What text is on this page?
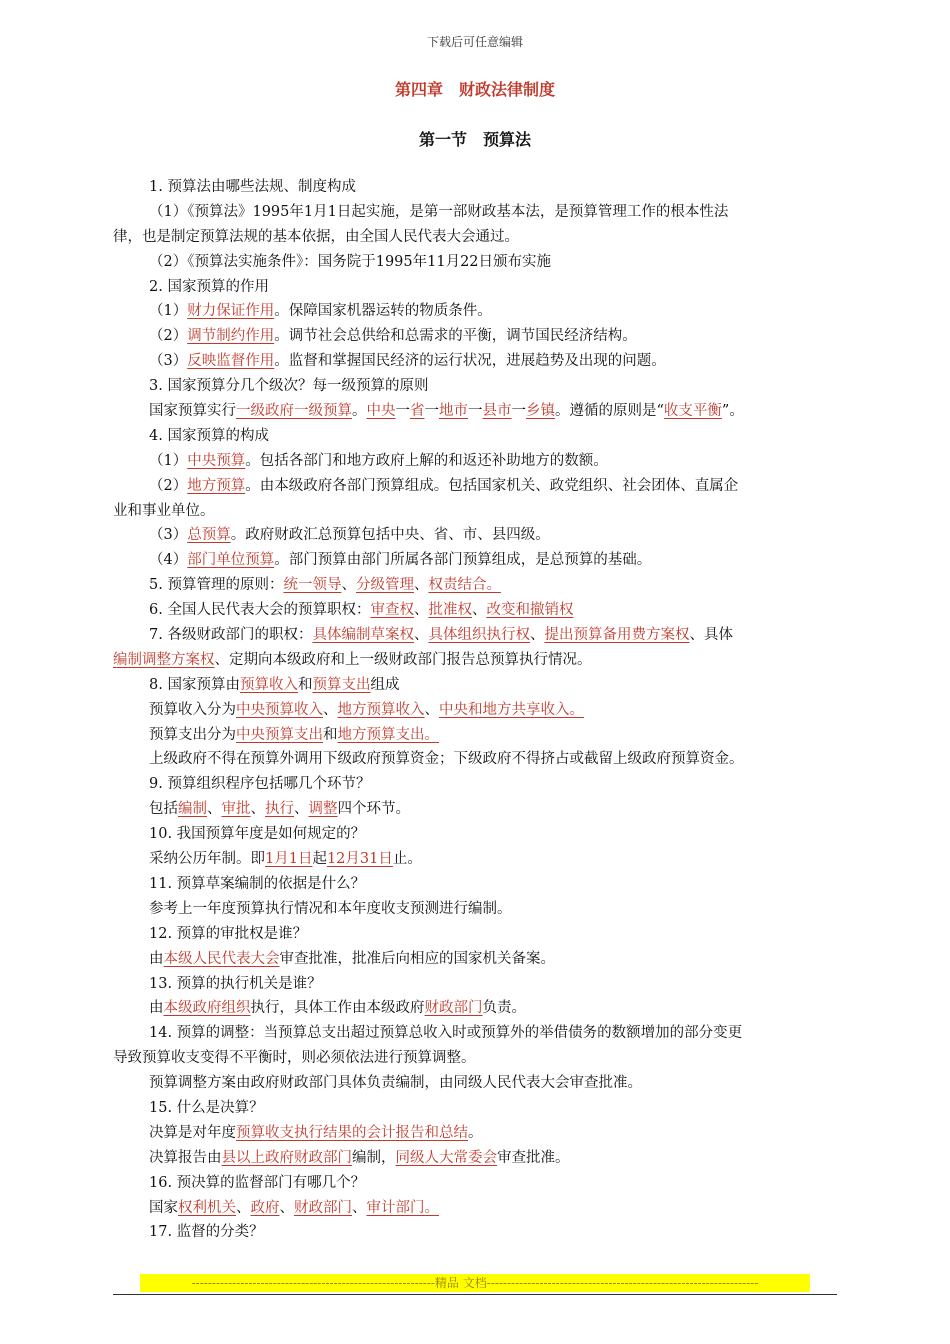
下载后可任意编辑
第四章　财政法律制度
第一节　预算法
1. 预算法由哪些法规、制度构成
（1）《预算法》1995年1月1日起实施，是第一部财政基本法，是预算管理工作的根本性法
律，也是制定预算法规的基本依据，由全国人民代表大会通过。
（2）《预算法实施条件》：国务院于1995年11月22日颁布实施
2. 国家预算的作用
（1）财力保证作用。保障国家机器运转的物质条件。
（2）调节制约作用。调节社会总供给和总需求的平衡，调节国民经济结构。
（3）反映监督作用。监督和掌握国民经济的运行状况，进展趋势及出现的问题。
3. 国家预算分几个级次？每一级预算的原则
国家预算实行一级政府一级预算。中央一省一地市一县市一乡镇。遵循的原则是“收支平衡”。
4. 国家预算的构成
（1）中央预算。包括各部门和地方政府上解的和返还补助地方的数额。
（2）地方预算。由本级政府各部门预算组成。包括国家机关、政党组织、社会团体、直属企
业和事业单位。
（3）总预算。政府财政汇总预算包括中央、省、市、县四级。
（4）部门单位预算。部门预算由部门所属各部门预算组成，是总预算的基础。
5. 预算管理的原则：统一领导、分级管理、权责结合。
6. 全国人民代表大会的预算职权：审查权、批准权、改变和撤销权
7. 各级财政部门的职权：具体编制草案权、具体组织执行权、提出预算备用费方案权、具体
编制调整方案权、定期向本级政府和上一级财政部门报告总预算执行情况。
8. 国家预算由预算收入和预算支出组成
预算收入分为中央预算收入、地方预算收入、中央和地方共享收入。
预算支出分为中央预算支出和地方预算支出。
上级政府不得在预算外调用下级政府预算资金；下级政府不得挤占或截留上级政府预算资金。
9. 预算组织程序包括哪几个环节？
包括编制、审批、执行、调整四个环节。
10. 我国预算年度是如何规定的？
采纳公历年制。即1月1日起12月31日止。
11. 预算草案编制的依据是什么？
参考上一年度预算执行情况和本年度收支预测进行编制。
12. 预算的审批权是谁？
由本级人民代表大会审查批准，批准后向相应的国家机关备案。
13. 预算的执行机关是谁？
由本级政府组织执行，具体工作由本级政府财政部门负责。
14. 预算的调整：当预算总支出超过预算总收入时或预算外的举借债务的数额增加的部分变更
导致预算收支变得不平衡时，则必须依法进行预算调整。
预算调整方案由政府财政部门具体负责编制，由同级人民代表大会审查批准。
15. 什么是决算？
决算是对年度预算收支执行结果的会计报告和总结。
决算报告由县以上政府财政部门编制，同级人大常委会审查批准。
16. 预决算的监督部门有哪几个？
国家权利机关、政府、财政部门、审计部门。
17. 监督的分类？
------------------------------------------------------------精品 文档-------------------------------------------------------------------
